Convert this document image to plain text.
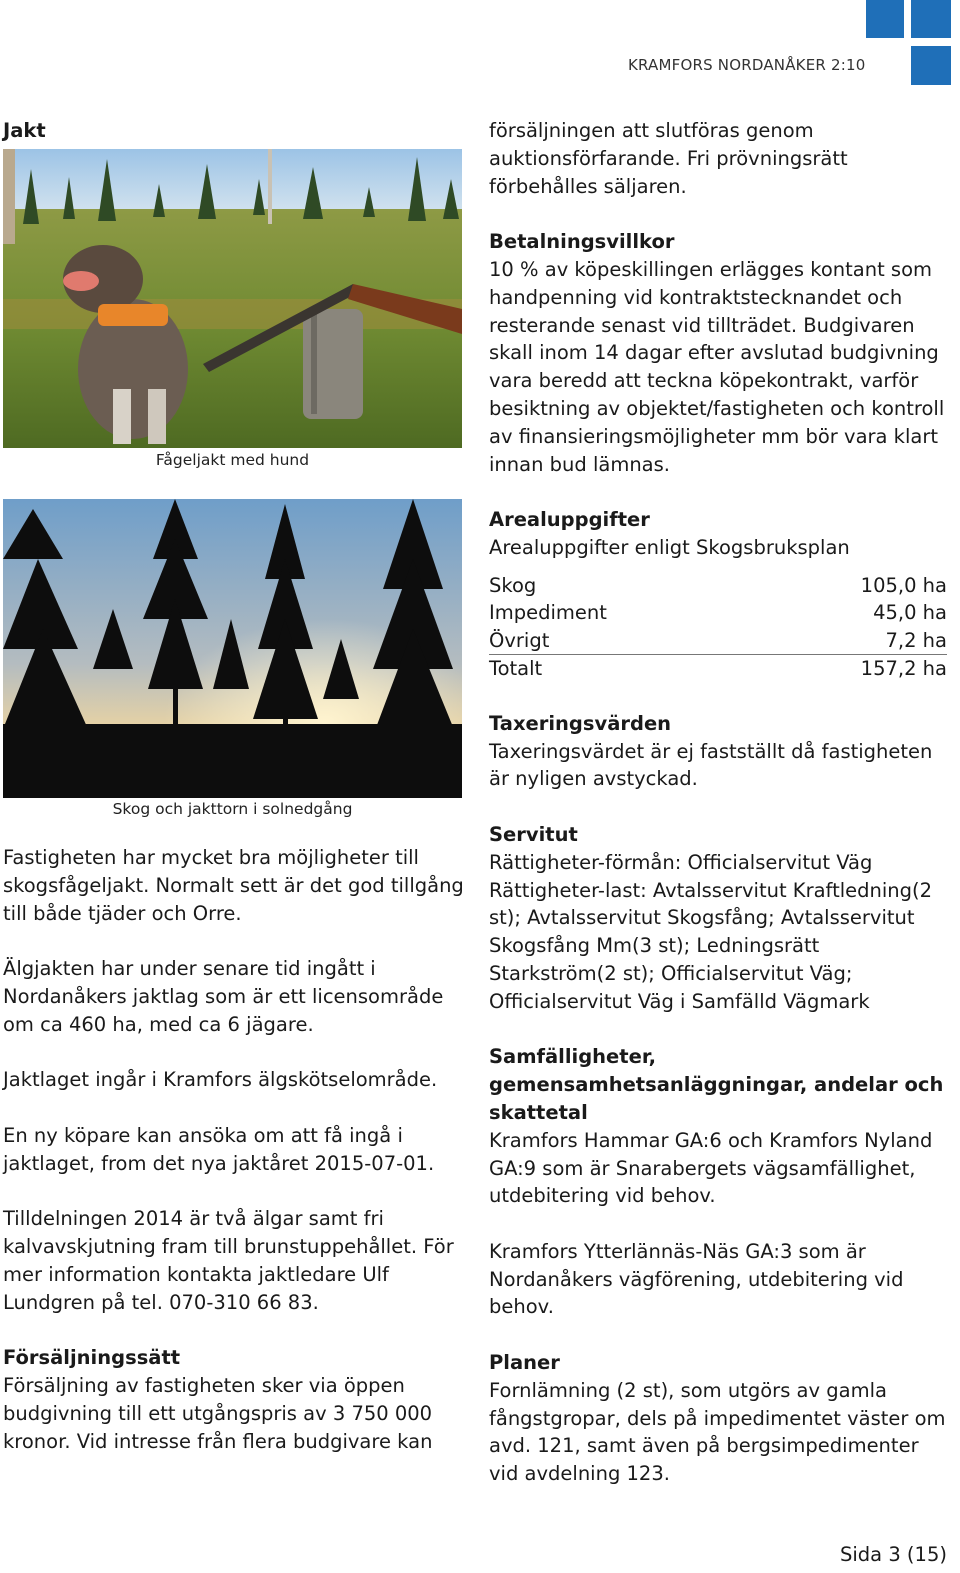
KRAMFORS NORDANÅKER 2:10
Jakt
Fågeljakt med hund
Skog och jakttorn i solnedgång

Fastigheten har mycket bra möjligheter till skogsfågeljakt. Normalt sett är det god tillgång till både tjäder och Orre.

Älgjakten har under senare tid ingått i Nordanåkers jaktlag som är ett licensområde om ca 460 ha, med ca 6 jägare.

Jaktlaget ingår i Kramfors älgskötselområde.

En ny köpare kan ansöka om att få ingå i jaktlaget, from det nya jaktåret 2015-07-01.

Tilldelningen 2014 är två älgar samt fri kalvavskjutning fram till brunstuppehållet. För mer information kontakta jaktledare Ulf Lundgren på tel. 070-310 66 83.

Försäljningssätt

Försäljning av fastigheten sker via öppen budgivning till ett utgångspris av 3 750 000 kronor. Vid intresse från flera budgivare kan

försäljningen att slutföras genom auktionsförfarande. Fri prövningsrätt förbehålles säljaren.

Betalningsvillkor

10 % av köpeskillingen erlägges kontant som handpenning vid kontraktstecknandet och resterande senast vid tillträdet. Budgivaren skall inom 14 dagar efter avslutad budgivning vara beredd att teckna köpekontrakt, varför besiktning av objektet/fastigheten och kontroll av finansieringsmöjligheter mm bör vara klart innan bud lämnas.

Arealuppgifter

Arealuppgifter enligt Skogsbruksplan

Skog	105,0 ha
Impediment	45,0 ha
Övrigt	7,2 ha
Totalt	157,2 ha

Taxeringsvärden

Taxeringsvärdet är ej fastställt då fastigheten är nyligen avstyckad.

Servitut

Rättigheter-förmån: Officialservitut Väg

Rättigheter-last: Avtalsservitut Kraftledning(2 st); Avtalsservitut Skogsfång; Avtalsservitut Skogsfång Mm(3 st); Ledningsrätt Starkström(2 st); Officialservitut Väg; Officialservitut Väg i Samfälld Vägmark

Samfälligheter, gemensamhetsanläggningar, andelar och skattetal

Kramfors Hammar GA:6 och Kramfors Nyland GA:9 som är Snarabergets vägsamfällighet, utdebitering vid behov.

Kramfors Ytterlännäs-Näs GA:3 som är Nordanåkers vägförening, utdebitering vid behov.

Planer

Fornlämning (2 st), som utgörs av gamla fångstgropar, dels på impedimentet väster om avd. 121, samt även på bergsimpedimenter vid avdelning 123.

Sida 3 (15)
